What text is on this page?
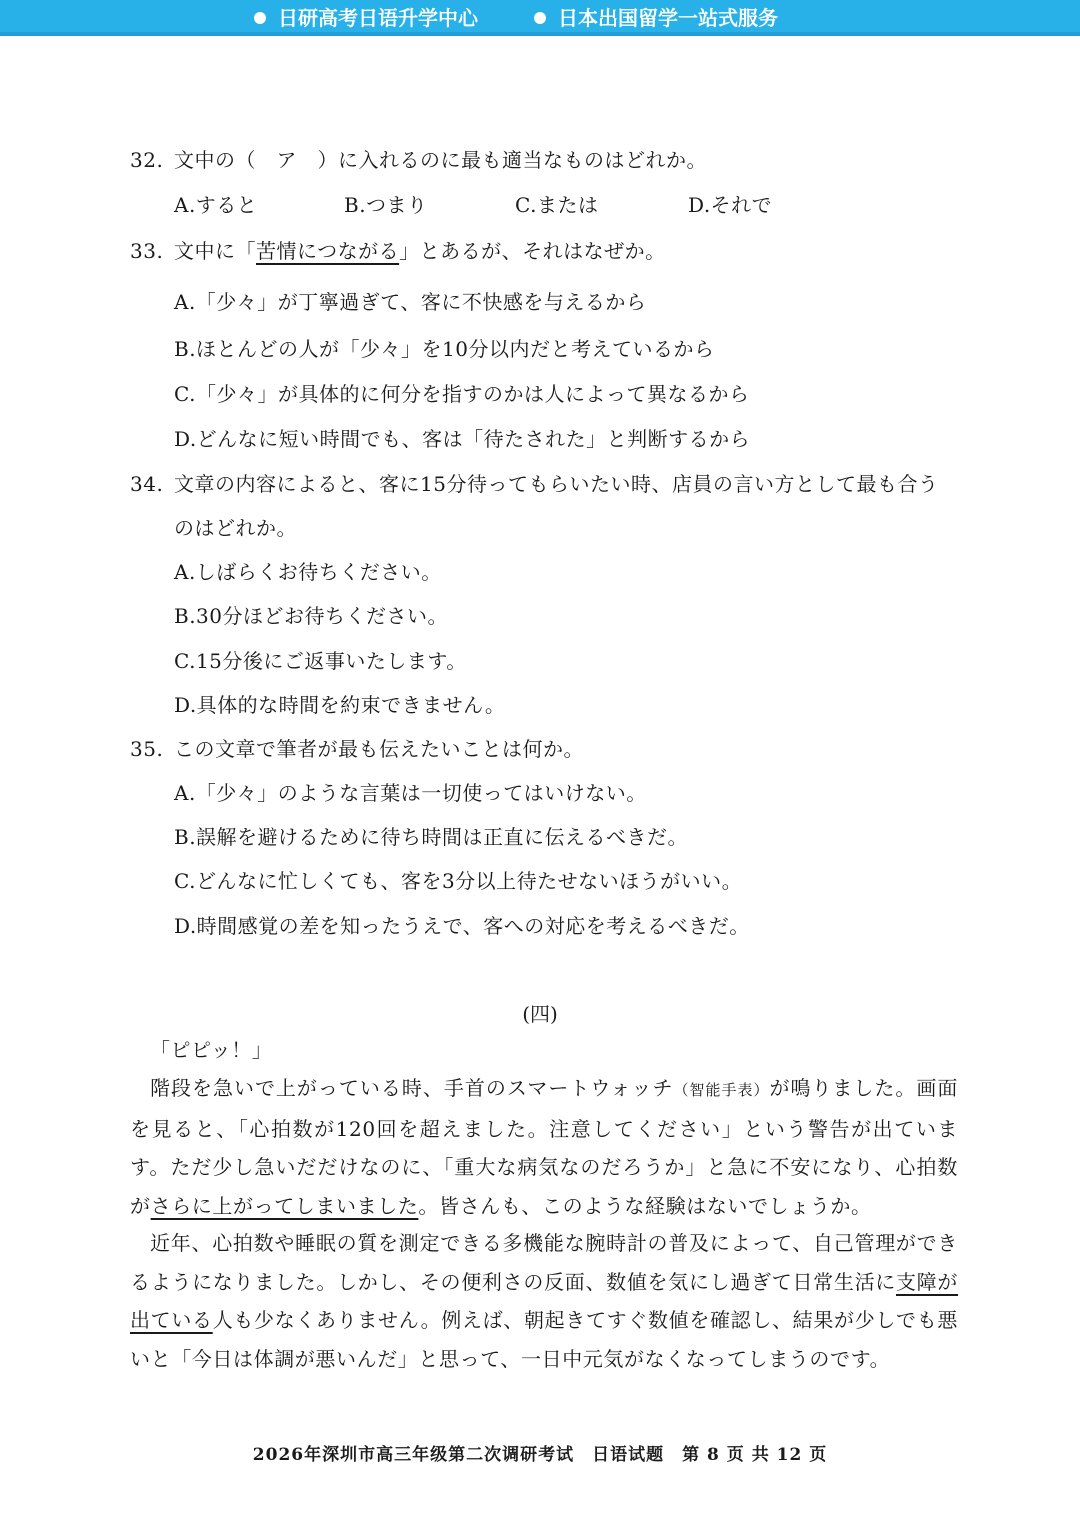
日研高考日语升学中心	日本出国留学一站式服务
32. 文中の（　ア　）に入れるのに最も適当なものはどれか。
A.すると	B.つまり	C.または	D.それで
33. 文中に「苦情につながる」とあるが、それはなぜか。
A.「少々」が丁寧過ぎて、客に不快感を与えるから
B.ほとんどの人が「少々」を10分以内だと考えているから
C.「少々」が具体的に何分を指すのかは人によって異なるから
D.どんなに短い時間でも、客は「待たされた」と判断するから
34. 文章の内容によると、客に15分待ってもらいたい時、店員の言い方として最も合う
のはどれか。
A.しばらくお待ちください。
B.30分ほどお待ちください。
C.15分後にご返事いたします。
D.具体的な時間を約束できません。
35. この文章で筆者が最も伝えたいことは何か。
A.「少々」のような言葉は一切使ってはいけない。
B.誤解を避けるために待ち時間は正直に伝えるべきだ。
C.どんなに忙しくても、客を3分以上待たせないほうがいい。
D.時間感覚の差を知ったうえで、客への対応を考えるべきだ。
(四)
「ピピッ！」
階段を急いで上がっている時、手首のスマートウォッチ（智能手表）が鳴りました。画面を見ると、「心拍数が120回を超えました。注意してください」という警告が出ています。ただ少し急いだだけなのに、「重大な病気なのだろうか」と急に不安になり、心拍数がさらに上がってしまいました。皆さんも、このような経験はないでしょうか。
近年、心拍数や睡眠の質を測定できる多機能な腕時計の普及によって、自己管理ができるようになりました。しかし、その便利さの反面、数値を気にし過ぎて日常生活に支障が出ている人も少なくありません。例えば、朝起きてすぐ数値を確認し、結果が少しでも悪いと「今日は体調が悪いんだ」と思って、一日中元気がなくなってしまうのです。
2026年深圳市高三年级第二次调研考试　日语试题　第 8 页 共 12 页
